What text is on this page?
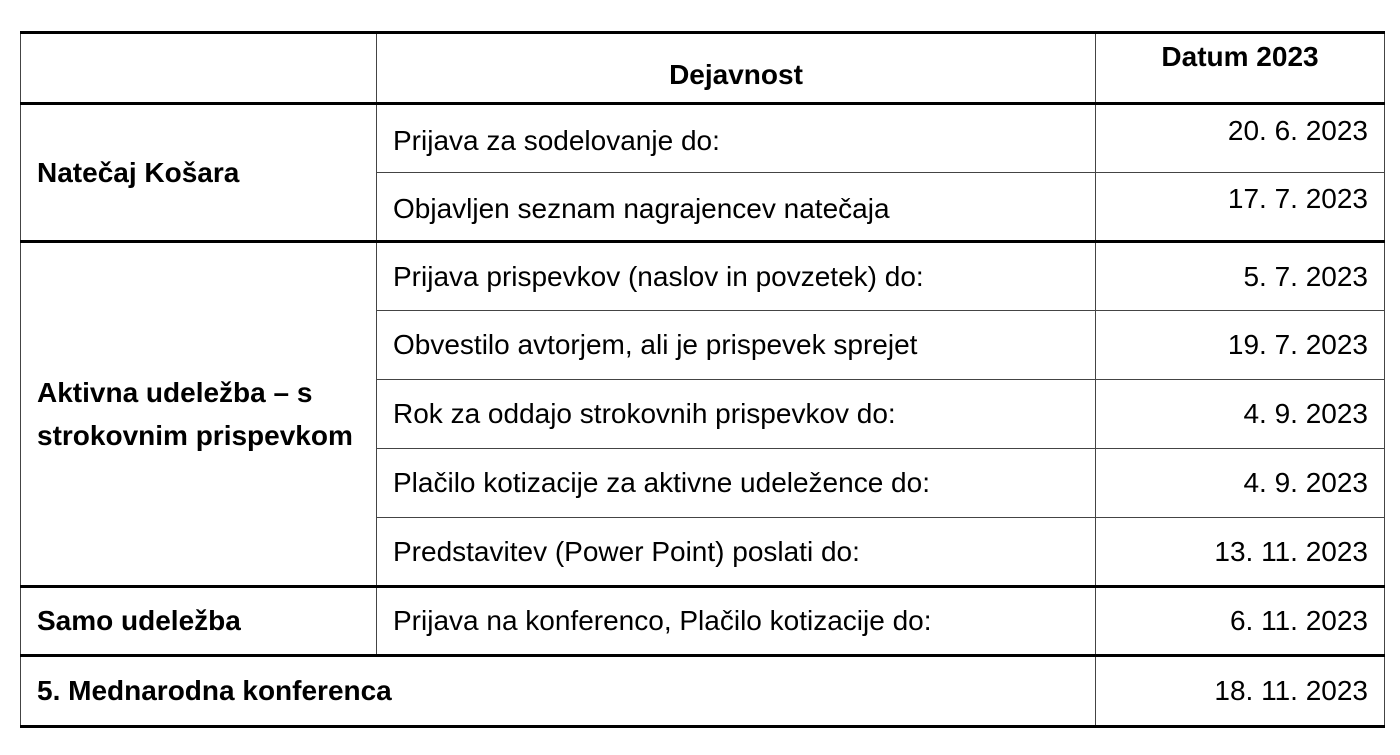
	Dejavnost	Datum 2023
Natečaj Košara	Prijava za sodelovanje do:	20. 6. 2023
	Objavljen seznam nagrajencev natečaja	17. 7. 2023
Aktivna udeležba – s strokovnim prispevkom	Prijava prispevkov (naslov in povzetek) do:	5. 7. 2023
	Obvestilo avtorjem, ali je prispevek sprejet	19. 7. 2023
	Rok za oddajo strokovnih prispevkov do:	4. 9. 2023
	Plačilo kotizacije za aktivne udeležence do:	4. 9. 2023
	Predstavitev (Power Point) poslati do:	13. 11. 2023
Samo udeležba	Prijava na konferenco, Plačilo kotizacije do:	6. 11. 2023
5. Mednarodna konferenca		18. 11. 2023
